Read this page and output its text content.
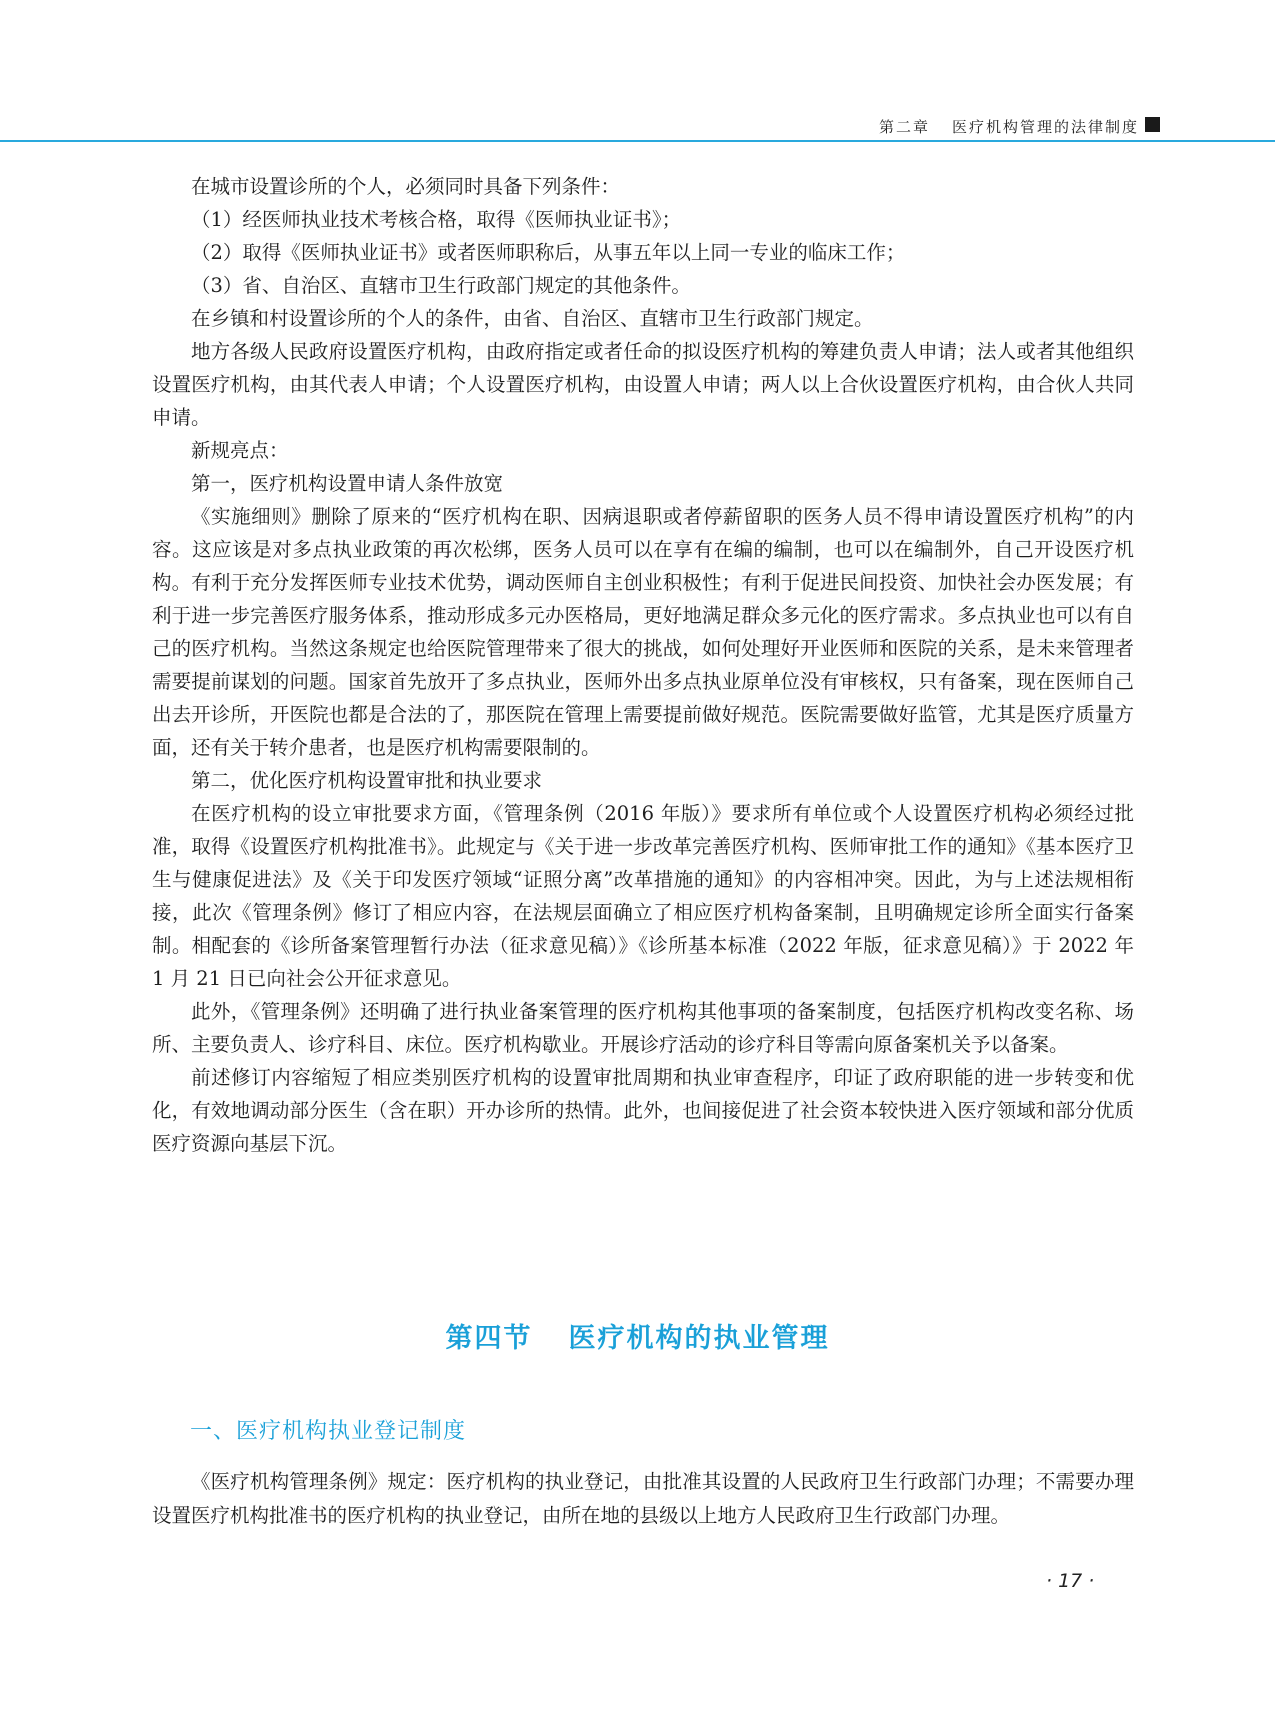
第二章 医疗机构管理的法律制度

在城市设置诊所的个人，必须同时具备下列条件：

（1）经医师执业技术考核合格，取得《医师执业证书》；

（2）取得《医师执业证书》或者医师职称后，从事五年以上同一专业的临床工作；

（3）省、自治区、直辖市卫生行政部门规定的其他条件。

在乡镇和村设置诊所的个人的条件，由省、自治区、直辖市卫生行政部门规定。

地方各级人民政府设置医疗机构，由政府指定或者任命的拟设医疗机构的筹建负责人申请；法人或者其他组织设置医疗机构，由其代表人申请；个人设置医疗机构，由设置人申请；两人以上合伙设置医疗机构，由合伙人共同申请。

新规亮点：

第一，医疗机构设置申请人条件放宽

《实施细则》删除了原来的“医疗机构在职、因病退职或者停薪留职的医务人员不得申请设置医疗机构”的内容。这应该是对多点执业政策的再次松绑，医务人员可以在享有在编的编制，也可以在编制外，自己开设医疗机构。有利于充分发挥医师专业技术优势，调动医师自主创业积极性；有利于促进民间投资、加快社会办医发展；有利于进一步完善医疗服务体系，推动形成多元办医格局，更好地满足群众多元化的医疗需求。多点执业也可以有自己的医疗机构。当然这条规定也给医院管理带来了很大的挑战，如何处理好开业医师和医院的关系，是未来管理者需要提前谋划的问题。国家首先放开了多点执业，医师外出多点执业原单位没有审核权，只有备案，现在医师自己出去开诊所，开医院也都是合法的了，那医院在管理上需要提前做好规范。医院需要做好监管，尤其是医疗质量方面，还有关于转介患者，也是医疗机构需要限制的。

第二，优化医疗机构设置审批和执业要求

在医疗机构的设立审批要求方面，《管理条例（2016 年版）》要求所有单位或个人设置医疗机构必须经过批准，取得《设置医疗机构批准书》。此规定与《关于进一步改革完善医疗机构、医师审批工作的通知》《基本医疗卫生与健康促进法》及《关于印发医疗领域“证照分离”改革措施的通知》的内容相冲突。因此，为与上述法规相衔接，此次《管理条例》修订了相应内容，在法规层面确立了相应医疗机构备案制，且明确规定诊所全面实行备案制。相配套的《诊所备案管理暂行办法（征求意见稿）》《诊所基本标准（2022 年版，征求意见稿）》于 2022 年 1 月 21 日已向社会公开征求意见。

此外，《管理条例》还明确了进行执业备案管理的医疗机构其他事项的备案制度，包括医疗机构改变名称、场所、主要负责人、诊疗科目、床位。医疗机构歇业。开展诊疗活动的诊疗科目等需向原备案机关予以备案。

前述修订内容缩短了相应类别医疗机构的设置审批周期和执业审查程序，印证了政府职能的进一步转变和优化，有效地调动部分医生（含在职）开办诊所的热情。此外，也间接促进了社会资本较快进入医疗领域和部分优质医疗资源向基层下沉。

第四节 医疗机构的执业管理
一、医疗机构执业登记制度

《医疗机构管理条例》规定：医疗机构的执业登记，由批准其设置的人民政府卫生行政部门办理；不需要办理设置医疗机构批准书的医疗机构的执业登记，由所在地的县级以上地方人民政府卫生行政部门办理。

· 17 ·
